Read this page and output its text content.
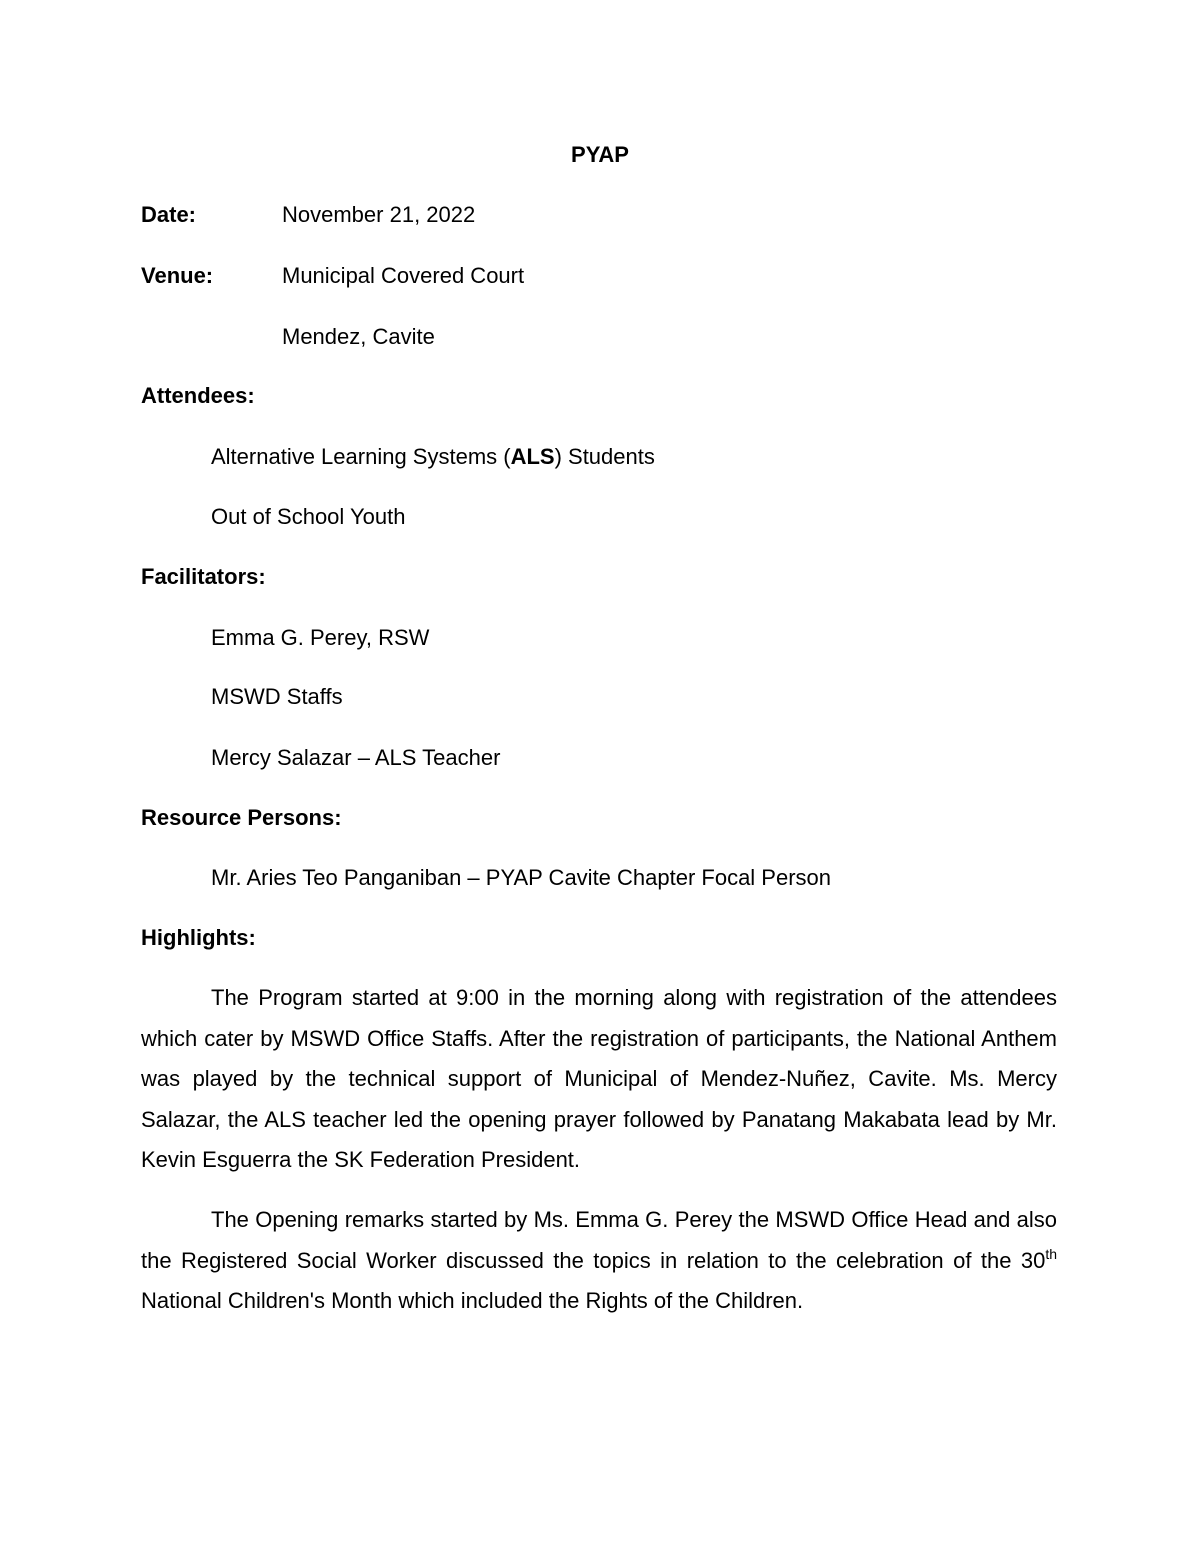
PYAP
Date:	November 21, 2022
Venue:	Municipal Covered Court
Mendez, Cavite
Attendees:
Alternative Learning Systems (ALS) Students
Out of School Youth
Facilitators:
Emma G. Perey, RSW
MSWD Staffs
Mercy Salazar – ALS Teacher
Resource Persons:
Mr. Aries Teo Panganiban – PYAP Cavite Chapter Focal Person
Highlights:
The Program started at 9:00 in the morning along with registration of the attendees which cater by MSWD Office Staffs. After the registration of participants, the National Anthem was played by the technical support of Municipal of Mendez-Nuñez, Cavite. Ms. Mercy Salazar, the ALS teacher led the opening prayer followed by Panatang Makabata lead by Mr. Kevin Esguerra the SK Federation President.
The Opening remarks started by Ms. Emma G. Perey the MSWD Office Head and also the Registered Social Worker discussed the topics in relation to the celebration of the 30th National Children's Month which included the Rights of the Children.
